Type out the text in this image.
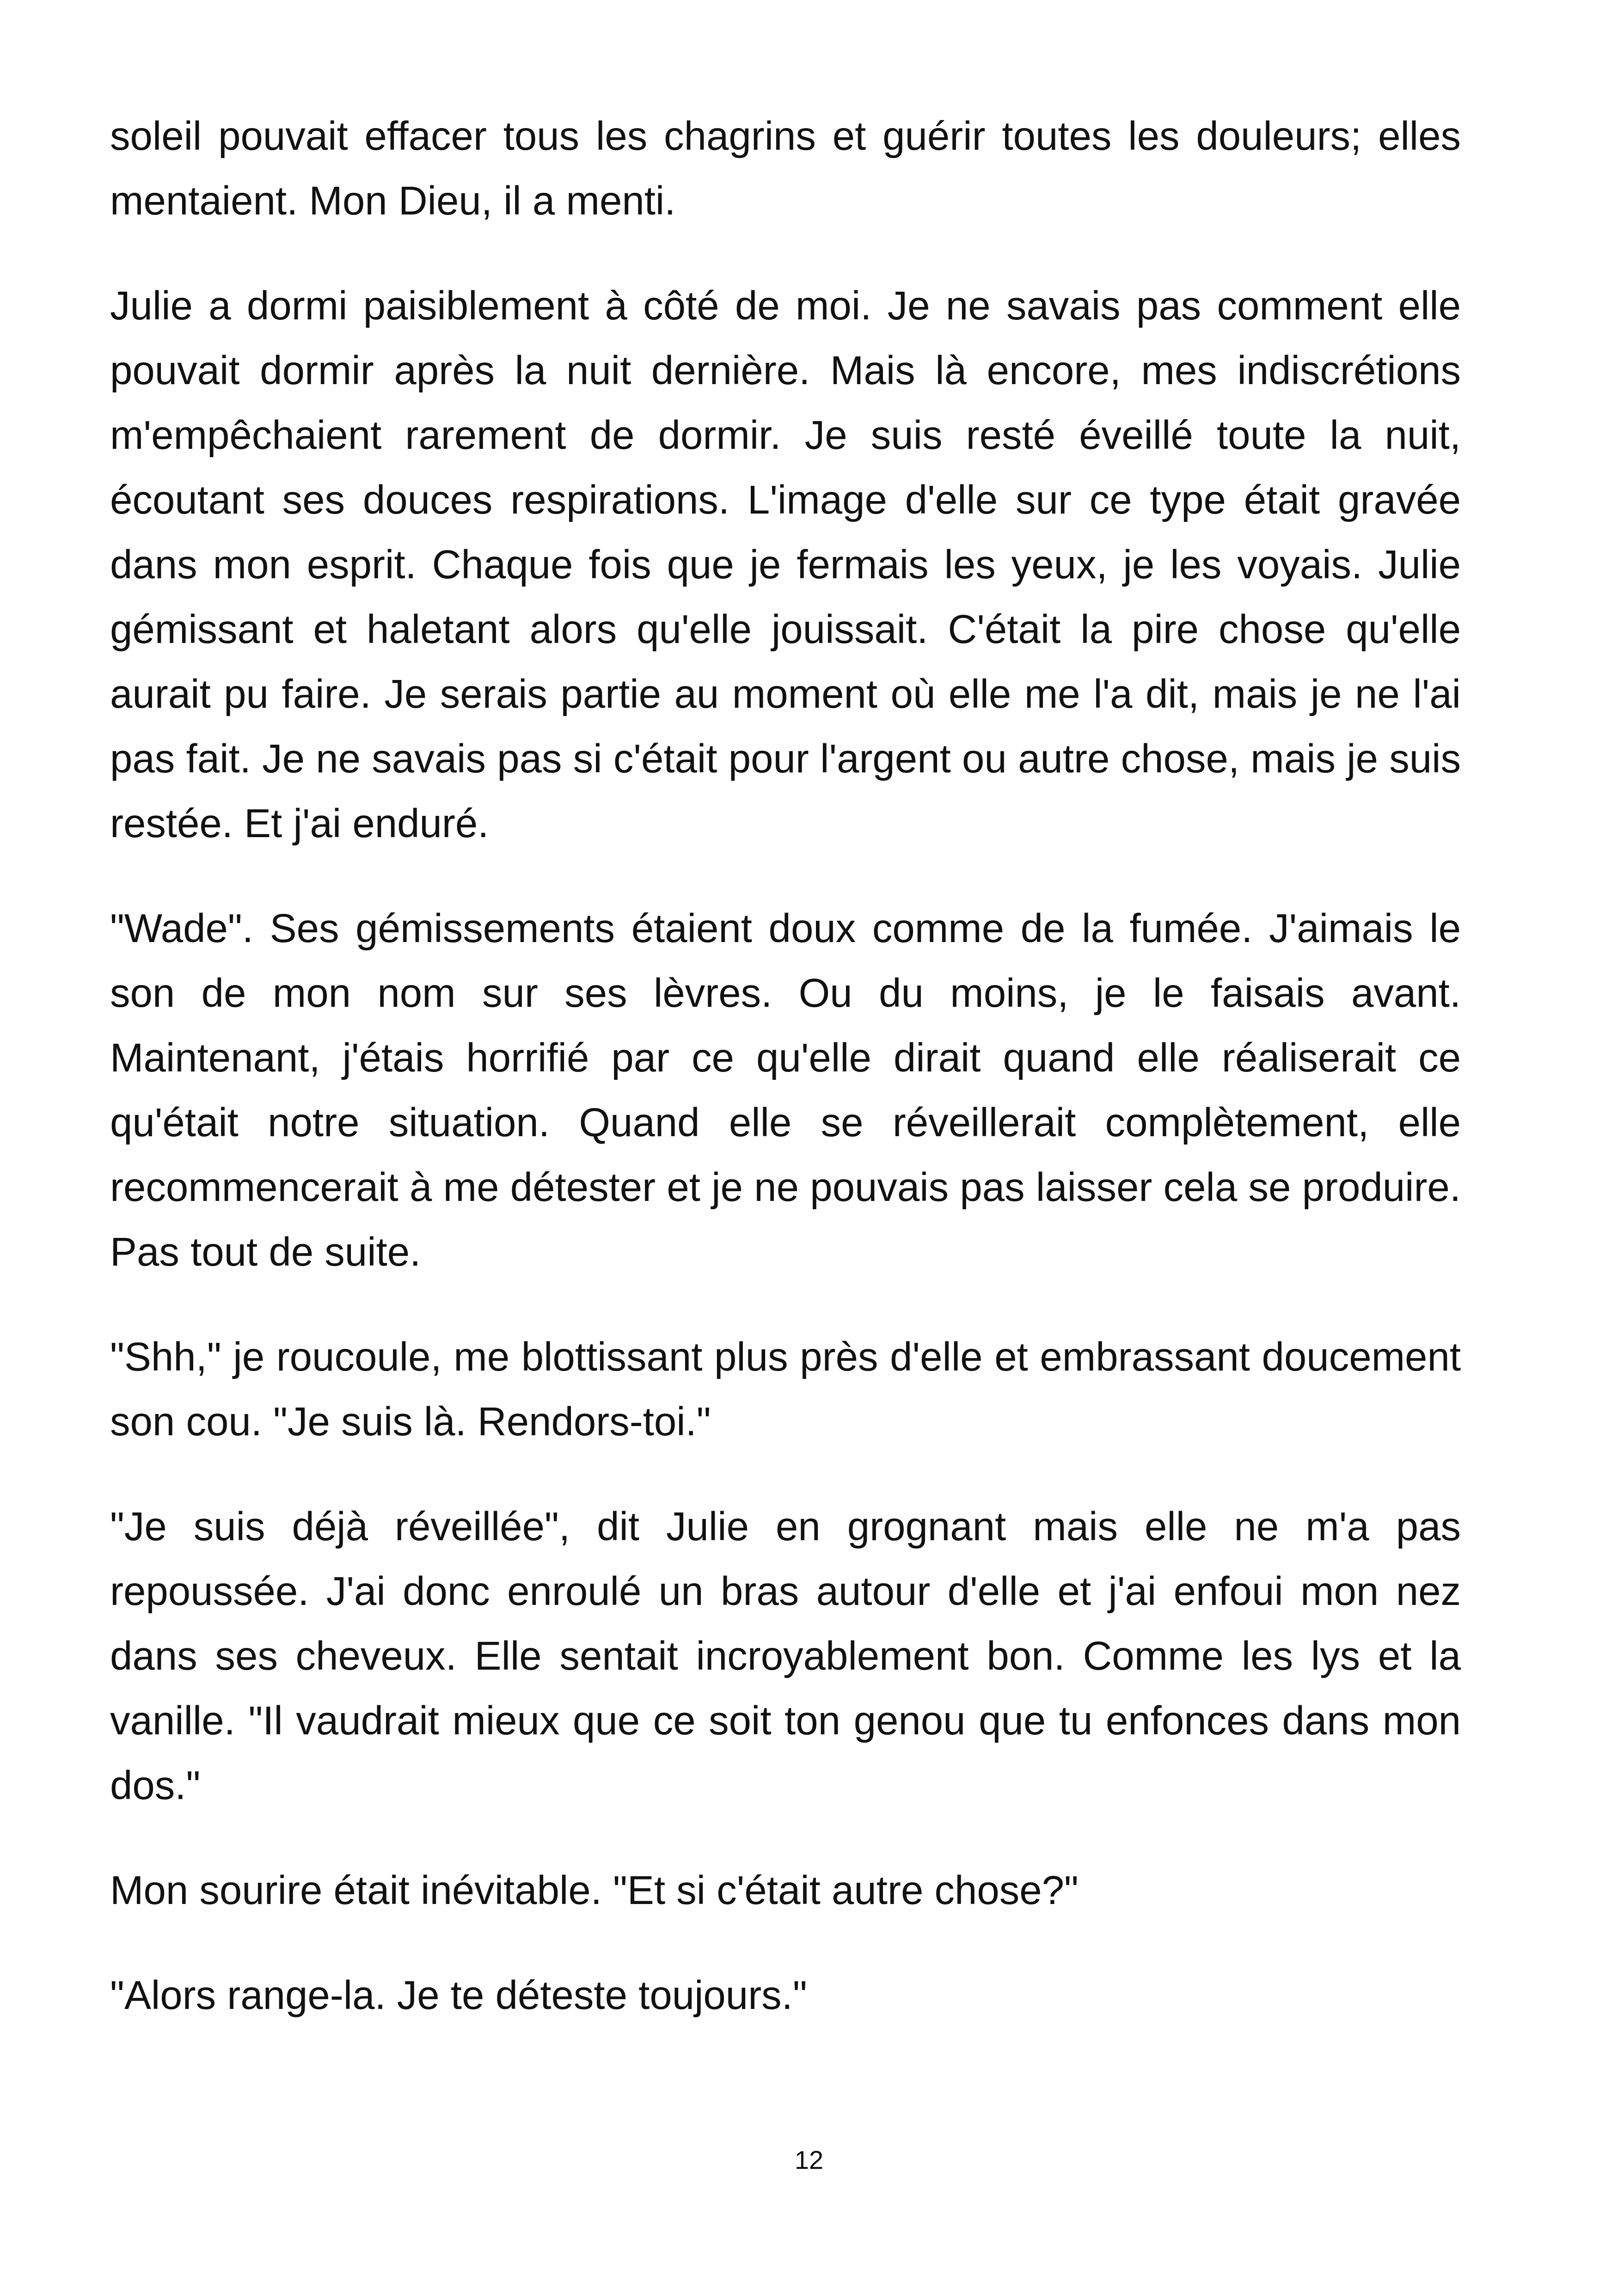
soleil pouvait effacer tous les chagrins et guérir toutes les douleurs; elles mentaient. Mon Dieu, il a menti.

Julie a dormi paisiblement à côté de moi. Je ne savais pas comment elle pouvait dormir après la nuit dernière. Mais là encore, mes indiscrétions m'empêchaient rarement de dormir. Je suis resté éveillé toute la nuit, écoutant ses douces respirations. L'image d'elle sur ce type était gravée dans mon esprit. Chaque fois que je fermais les yeux, je les voyais. Julie gémissant et haletant alors qu'elle jouissait. C'était la pire chose qu'elle aurait pu faire. Je serais partie au moment où elle me l'a dit, mais je ne l'ai pas fait. Je ne savais pas si c'était pour l'argent ou autre chose, mais je suis restée. Et j'ai enduré.

"Wade". Ses gémissements étaient doux comme de la fumée. J'aimais le son de mon nom sur ses lèvres. Ou du moins, je le faisais avant. Maintenant, j'étais horrifié par ce qu'elle dirait quand elle réaliserait ce qu'était notre situation. Quand elle se réveillerait complètement, elle recommencerait à me détester et je ne pouvais pas laisser cela se produire. Pas tout de suite.

"Shh," je roucoule, me blottissant plus près d'elle et embrassant doucement son cou. "Je suis là. Rendors-toi."

"Je suis déjà réveillée", dit Julie en grognant mais elle ne m'a pas repoussée. J'ai donc enroulé un bras autour d'elle et j'ai enfoui mon nez dans ses cheveux. Elle sentait incroyablement bon. Comme les lys et la vanille. "Il vaudrait mieux que ce soit ton genou que tu enfonces dans mon dos."

Mon sourire était inévitable. "Et si c'était autre chose?"

"Alors range-la. Je te déteste toujours."

12
